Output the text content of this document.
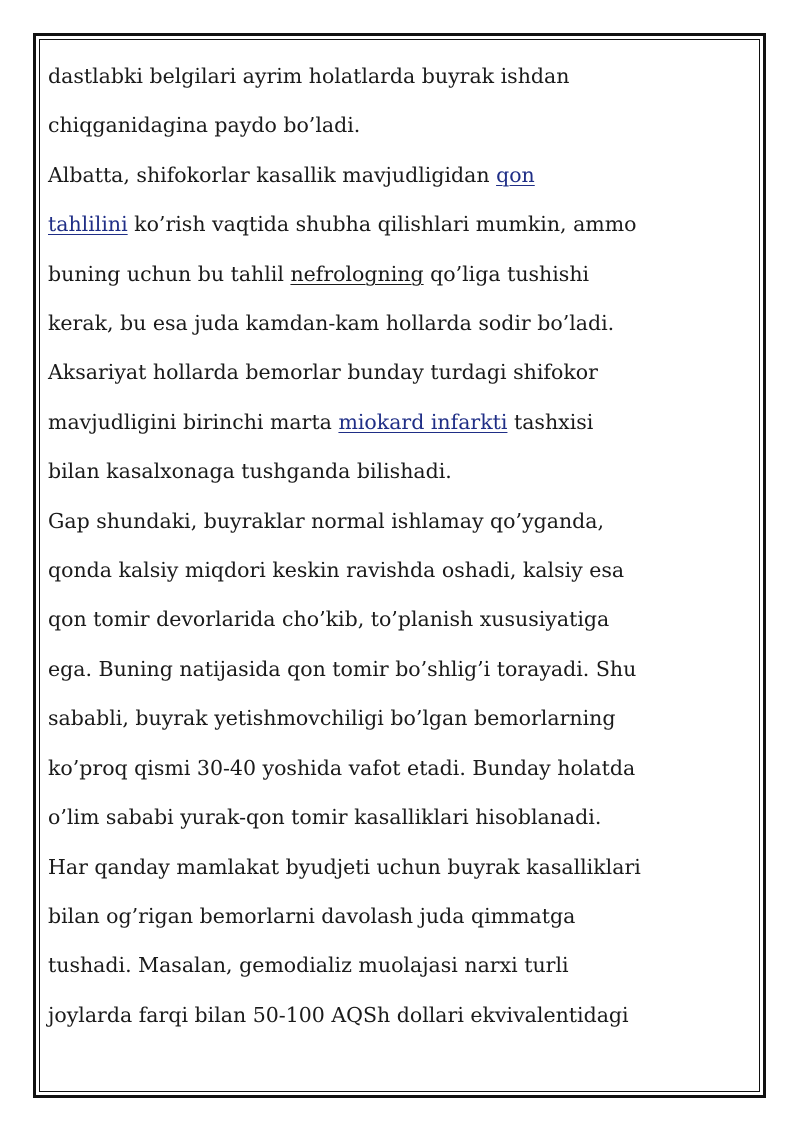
dastlabki belgilari ayrim holatlarda buyrak ishdan
chiqganidagina paydo bo’ladi.
Albatta, shifokorlar kasallik mavjudligidan qon
tahlilini ko’rish vaqtida shubha qilishlari mumkin, ammo
buning uchun bu tahlil nefrologning qo’liga tushishi
kerak, bu esa juda kamdan-kam hollarda sodir bo’ladi.
Aksariyat hollarda bemorlar bunday turdagi shifokor
mavjudligini birinchi marta miokard infarkti tashxisi
bilan kasalxonaga tushganda bilishadi.
Gap shundaki, buyraklar normal ishlamay qo’yganda,
qonda kalsiy miqdori keskin ravishda oshadi, kalsiy esa
qon tomir devorlarida cho’kib, to’planish xususiyatiga
ega. Buning natijasida qon tomir bo’shlig’i torayadi. Shu
sababli, buyrak yetishmovchiligi bo’lgan bemorlarning
ko’proq qismi 30-40 yoshida vafot etadi. Bunday holatda
o’lim sababi yurak-qon tomir kasalliklari hisoblanadi.
Har qanday mamlakat byudjeti uchun buyrak kasalliklari
bilan og’rigan bemorlarni davolash juda qimmatga
tushadi. Masalan, gemodializ muolajasi narxi turli
joylarda farqi bilan 50-100 AQSh dollari ekvivalentidagi
